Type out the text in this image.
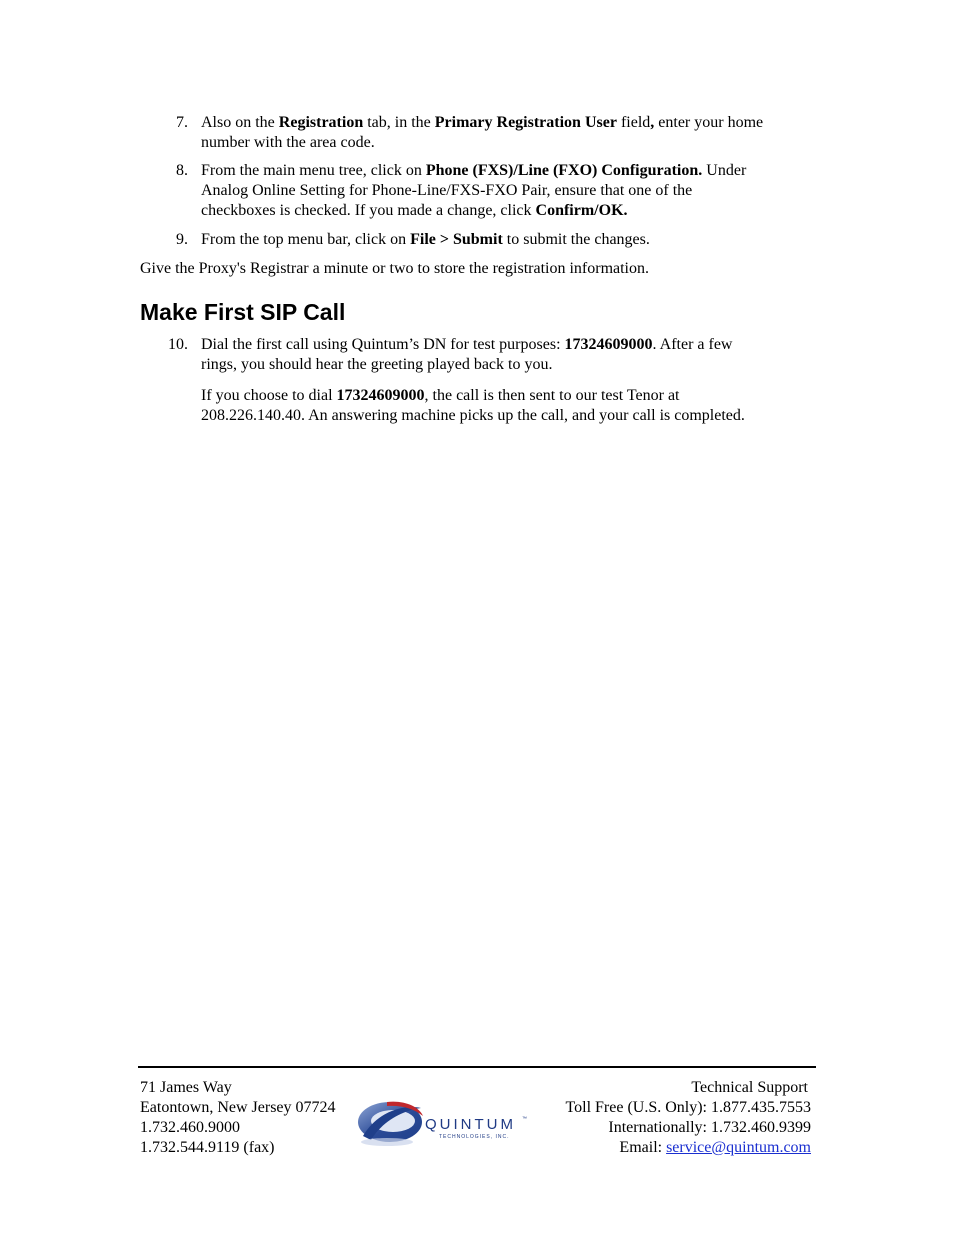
7. Also on the Registration tab, in the Primary Registration User field, enter your home
number with the area code.
8. From the main menu tree, click on Phone (FXS)/Line (FXO) Configuration. Under
Analog Online Setting for Phone-Line/FXS-FXO Pair, ensure that one of the
checkboxes is checked. If you made a change, click Confirm/OK.
9. From the top menu bar, click on File > Submit to submit the changes.
Give the Proxy's Registrar a minute or two to store the registration information.
Make First SIP Call
10. Dial the first call using Quintum’s DN for test purposes: 17324609000. After a few
rings, you should hear the greeting played back to you.
If you choose to dial 17324609000, the call is then sent to our test Tenor at
208.226.140.40. An answering machine picks up the call, and your call is completed.
71 James Way
Eatontown, New Jersey 07724
1.732.460.9000
1.732.544.9119 (fax)
Technical Support
Toll Free (U.S. Only): 1.877.435.7553
Internationally: 1.732.460.9399
Email: service@quintum.com
QUINTUM ™
TECHNOLOGIES, INC.
